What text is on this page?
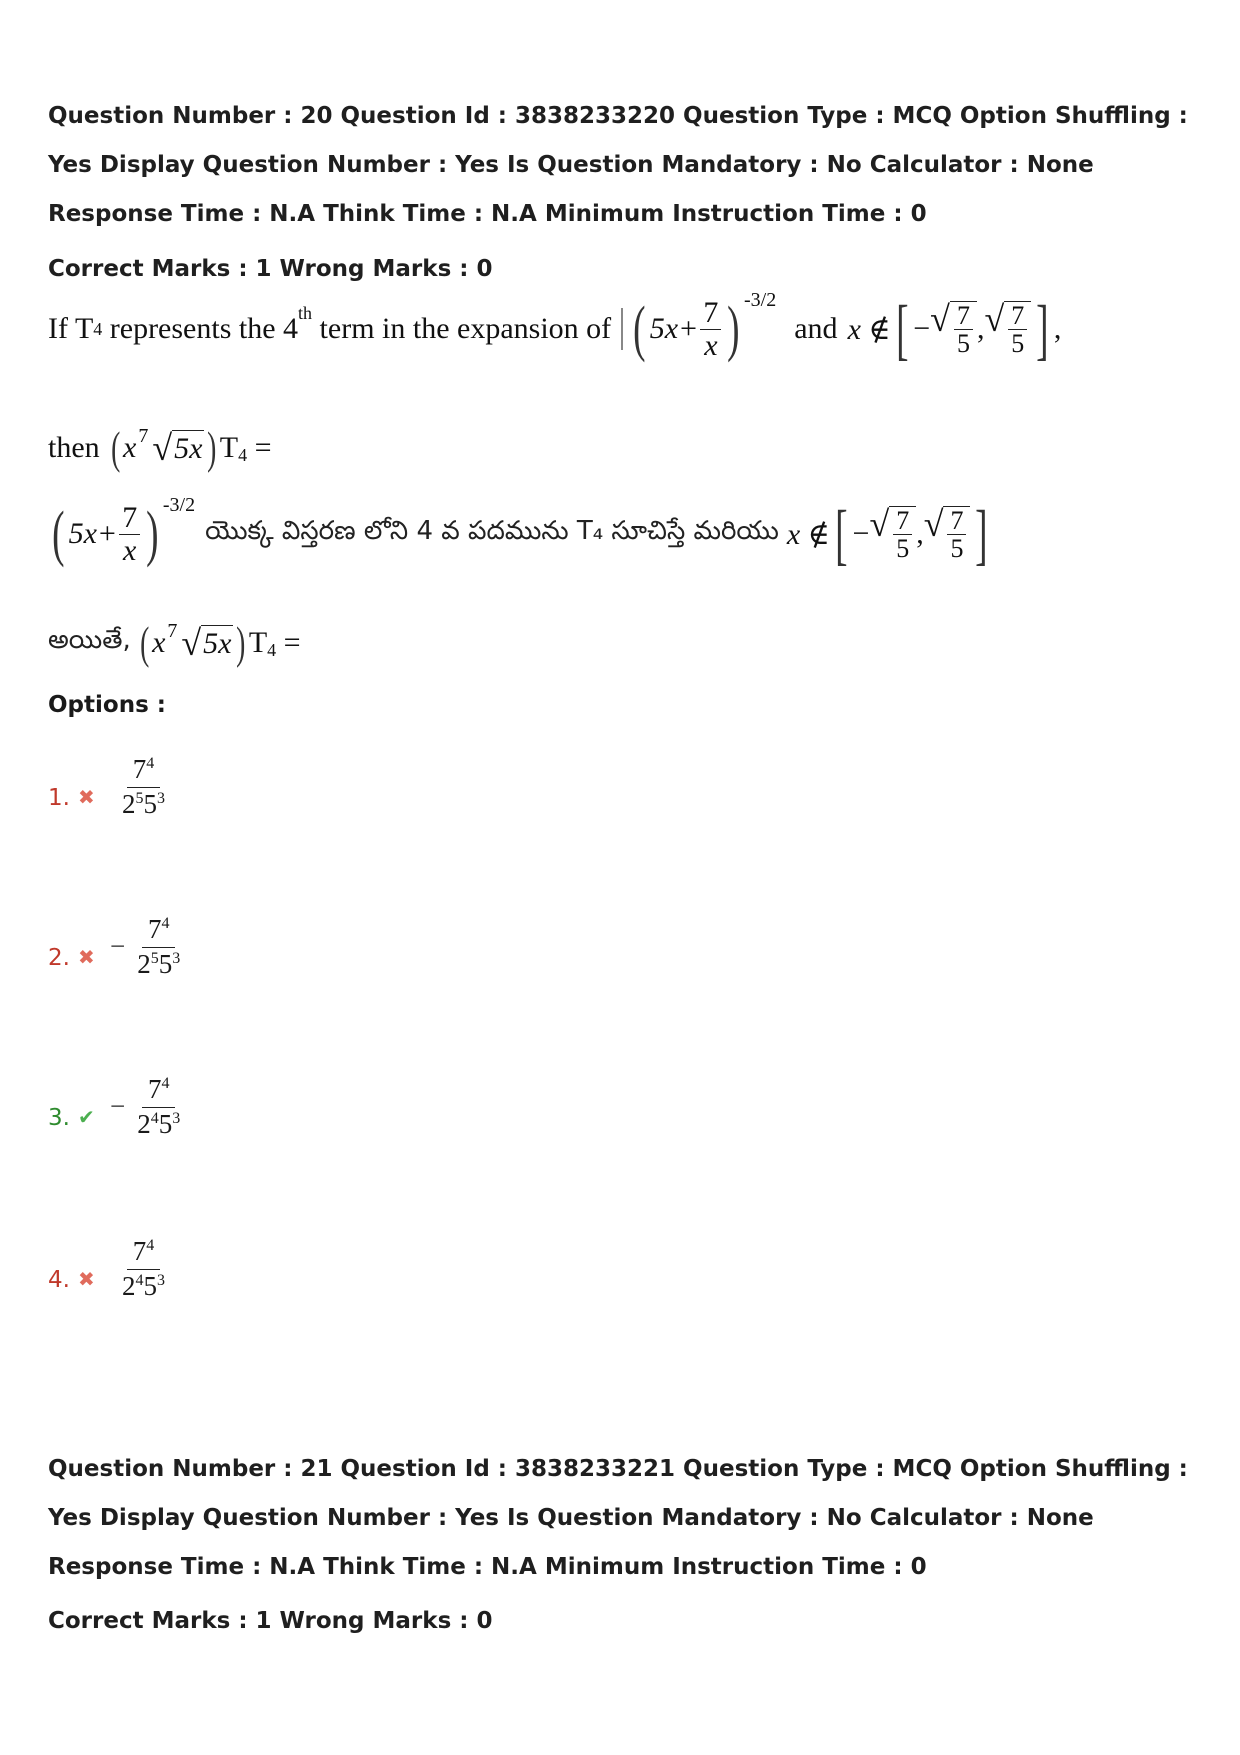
Question Number : 20 Question Id : 3838233220 Question Type : MCQ Option Shuffling : Yes Display Question Number : Yes Is Question Mandatory : No Calculator : None Response Time : N.A Think Time : N.A Minimum Instruction Time : 0
Correct Marks : 1 Wrong Marks : 0
If T 4 represents the 4th term in the expansion of ( $5x+ \frac{7}{x}$ ) -3/2
and x ∉ [ − √ $\frac{7}{5}$ , √ $\frac{7}{5}$ ] ,
then ( x 7 √ 5x ) $T_4$ =
( $5x+ \frac{7}{x}$ ) -3/2
యొక్క విస్తరణ లోని 4 వ పదమును T₄ సూచిస్తే మరియు x ∉ [ − √ $\frac{7}{5}$ , √ $\frac{7}{5}$ ]
అయితే, ( x 7 √ 5x ) $T_4$ =
Options :
1. ✖ $\frac{7^4}{2^55^3}$
2. ✖ − $\frac{7^4}{2^55^3}$
3. ✔ − $\frac{7^4}{2^45^3}$
4. ✖ $\frac{7^4}{2^45^3}$
Question Number : 21 Question Id : 3838233221 Question Type : MCQ Option Shuffling : Yes Display Question Number : Yes Is Question Mandatory : No Calculator : None Response Time : N.A Think Time : N.A Minimum Instruction Time : 0
Correct Marks : 1 Wrong Marks : 0
